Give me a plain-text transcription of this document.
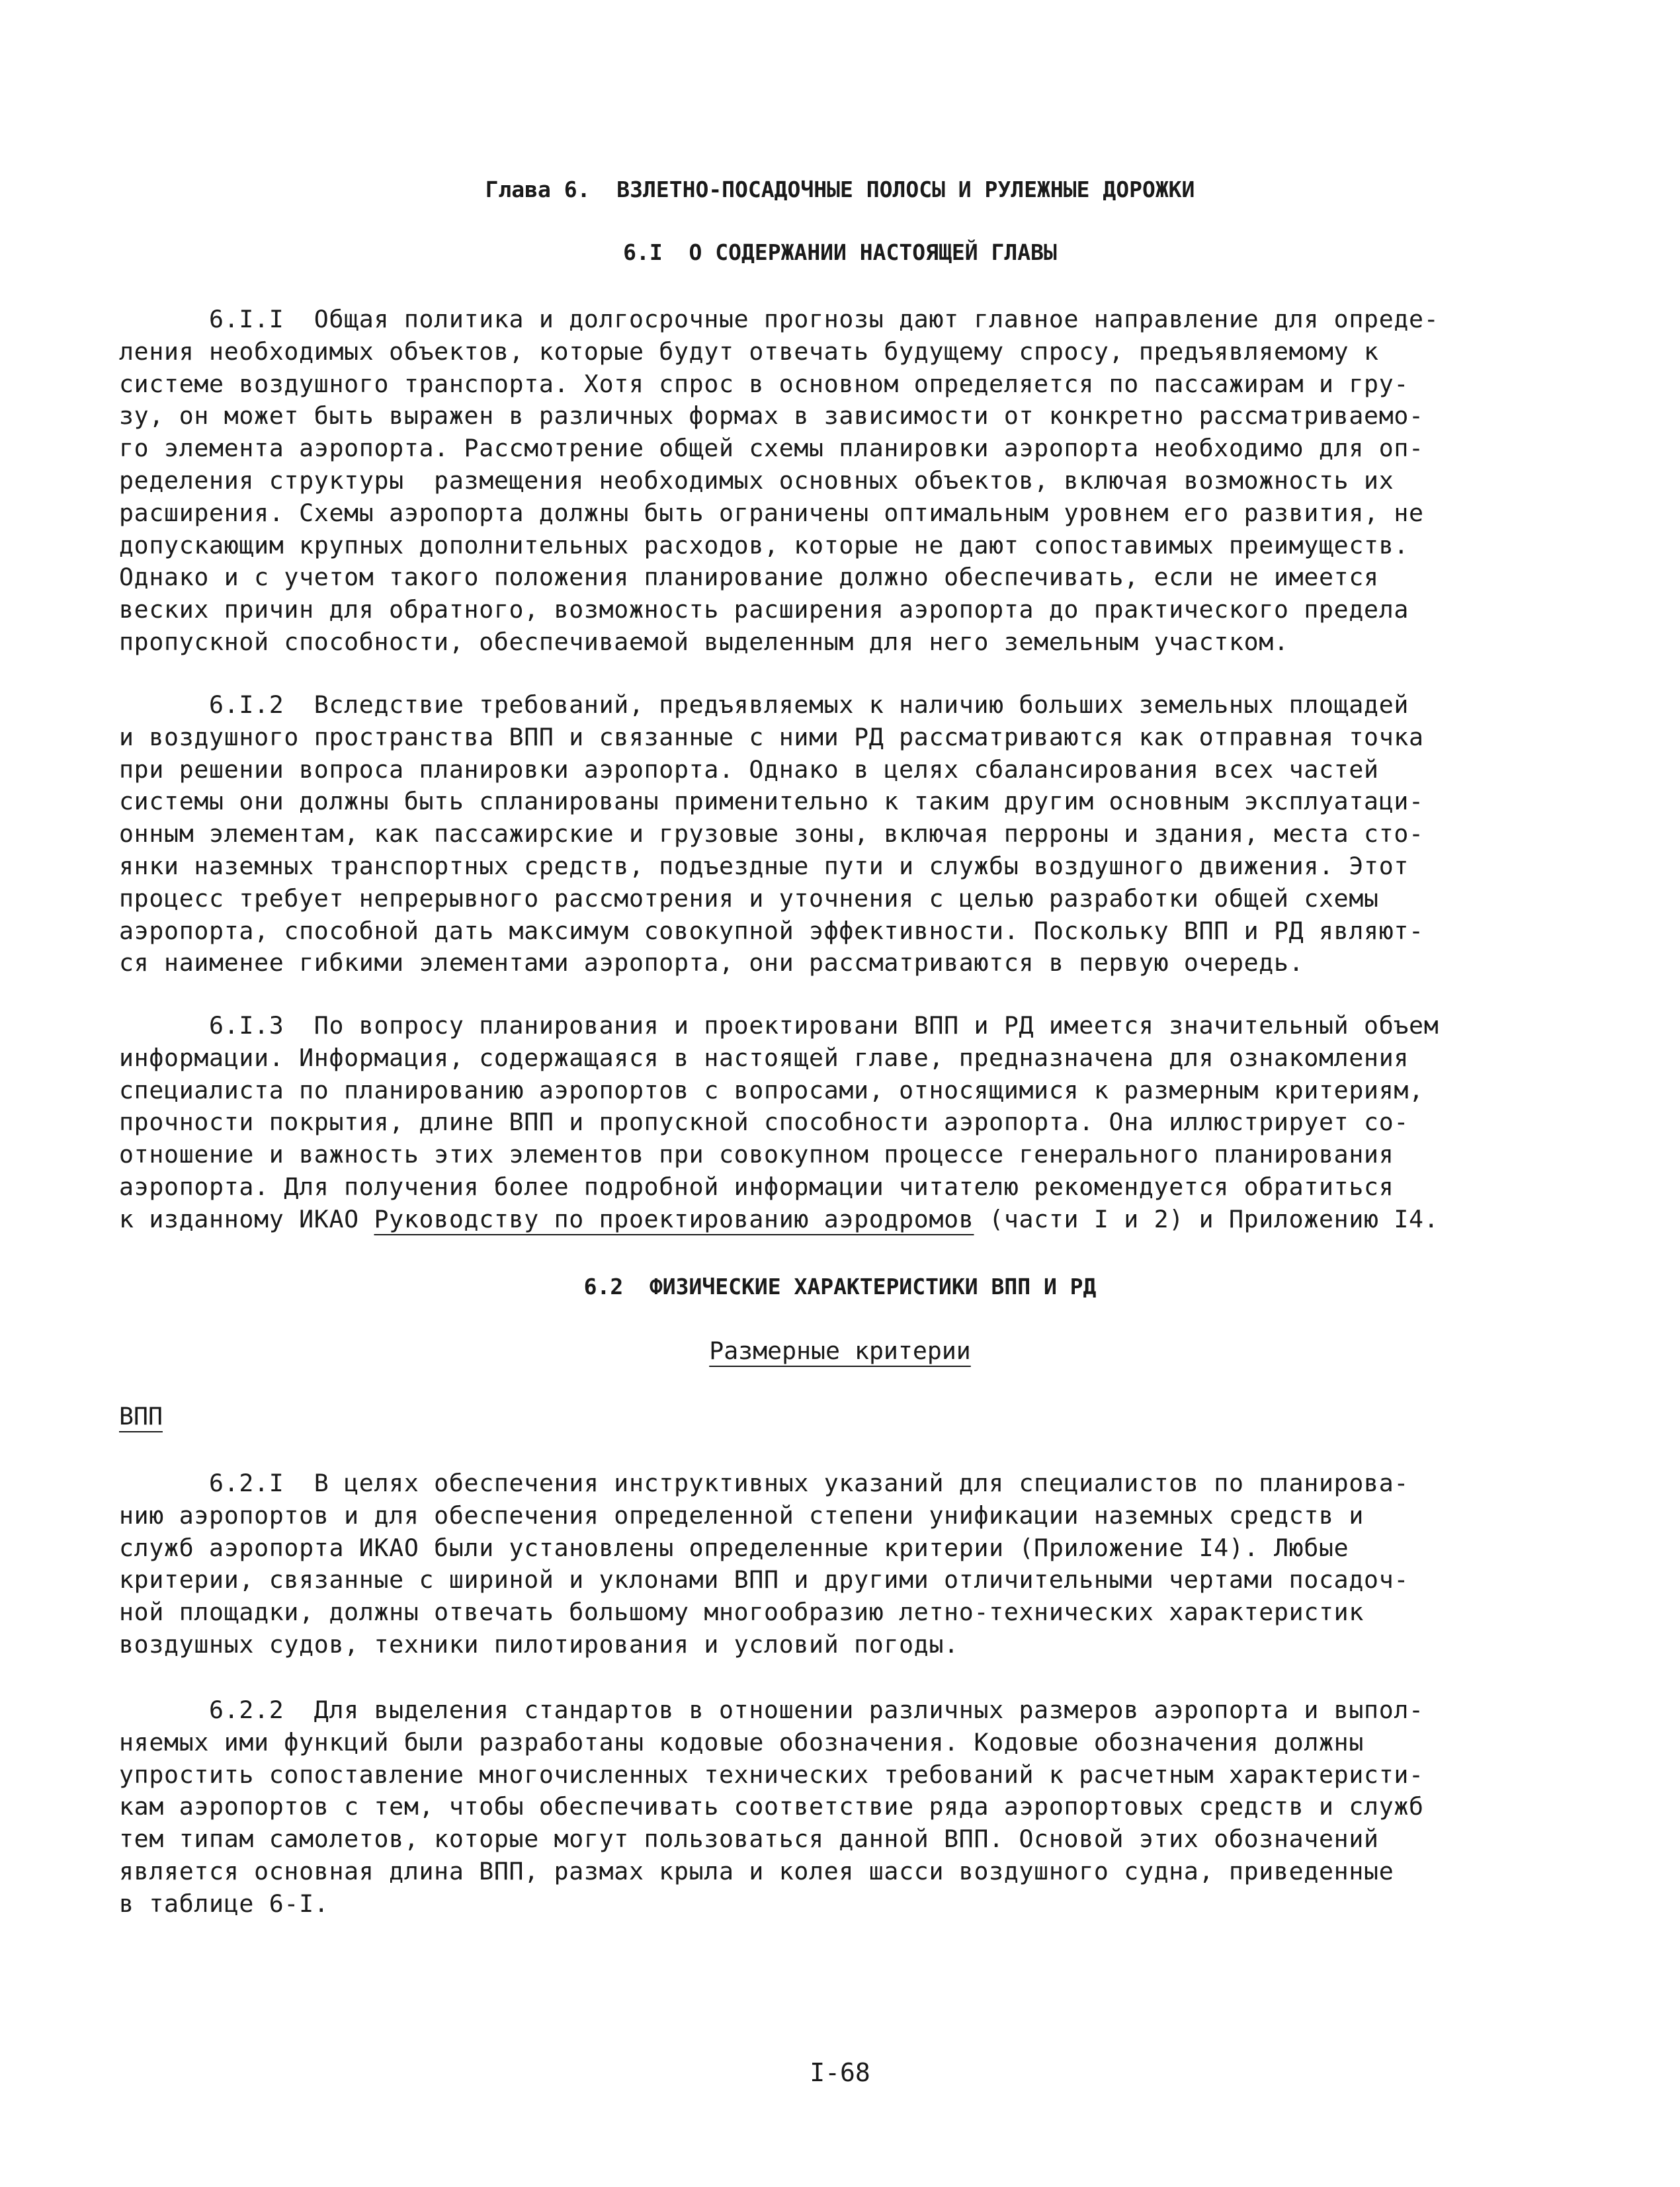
Глава 6.  ВЗЛЕТНО-ПОСАДОЧНЫЕ ПОЛОСЫ И РУЛЕЖНЫЕ ДОРОЖКИ
6.I  О СОДЕРЖАНИИ НАСТОЯЩЕЙ ГЛАВЫ
6.I.I  Общая политика и долгосрочные прогнозы дают главное направление для опреде-
ления необходимых объектов, которые будут отвечать будущему спросу, предъявляемому к
системе воздушного транспорта. Хотя спрос в основном определяется по пассажирам и гру-
зу, он может быть выражен в различных формах в зависимости от конкретно рассматриваемо-
го элемента аэропорта. Рассмотрение общей схемы планировки аэропорта необходимо для оп-
ределения структуры  размещения необходимых основных объектов, включая возможность их
расширения. Схемы аэропорта должны быть ограничены оптимальным уровнем его развития, не
допускающим крупных дополнительных расходов, которые не дают сопоставимых преимуществ.
Однако и с учетом такого положения планирование должно обеспечивать, если не имеется
веских причин для обратного, возможность расширения аэропорта до практического предела
пропускной способности, обеспечиваемой выделенным для него земельным участком.
6.I.2  Вследствие требований, предъявляемых к наличию больших земельных площадей
и воздушного пространства ВПП и связанные с ними РД рассматриваются как отправная точка
при решении вопроса планировки аэропорта. Однако в целях сбалансирования всех частей
системы они должны быть спланированы применительно к таким другим основным эксплуатаци-
онным элементам, как пассажирские и грузовые зоны, включая перроны и здания, места сто-
янки наземных транспортных средств, подъездные пути и службы воздушного движения. Этот
процесс требует непрерывного рассмотрения и уточнения с целью разработки общей схемы
аэропорта, способной дать максимум совокупной эффективности. Поскольку ВПП и РД являют-
ся наименее гибкими элементами аэропорта, они рассматриваются в первую очередь.
6.I.3  По вопросу планирования и проектировани ВПП и РД имеется значительный объем
информации. Информация, содержащаяся в настоящей главе, предназначена для ознакомления
специалиста по планированию аэропортов с вопросами, относящимися к размерным критериям,
прочности покрытия, длине ВПП и пропускной способности аэропорта. Она иллюстрирует со-
отношение и важность этих элементов при совокупном процессе генерального планирования
аэропорта. Для получения более подробной информации читателю рекомендуется обратиться
к изданному ИКАО Руководству по проектированию аэродромов (части I и 2) и Приложению I4.
6.2  ФИЗИЧЕСКИЕ ХАРАКТЕРИСТИКИ ВПП И РД
Размерные критерии
ВПП
6.2.I  В целях обеспечения инструктивных указаний для специалистов по планирова-
нию аэропортов и для обеспечения определенной степени унификации наземных средств и
служб аэропорта ИКАО были установлены определенные критерии (Приложение I4). Любые
критерии, связанные с шириной и уклонами ВПП и другими отличительными чертами посадоч-
ной площадки, должны отвечать большому многообразию летно-технических характеристик
воздушных судов, техники пилотирования и условий погоды.
6.2.2  Для выделения стандартов в отношении различных размеров аэропорта и выпол-
няемых ими функций были разработаны кодовые обозначения. Кодовые обозначения должны
упростить сопоставление многочисленных технических требований к расчетным характеристи-
кам аэропортов с тем, чтобы обеспечивать соответствие ряда аэропортовых средств и служб
тем типам самолетов, которые могут пользоваться данной ВПП. Основой этих обозначений
является основная длина ВПП, размах крыла и колея шасси воздушного судна, приведенные
в таблице 6-I.
I-68
